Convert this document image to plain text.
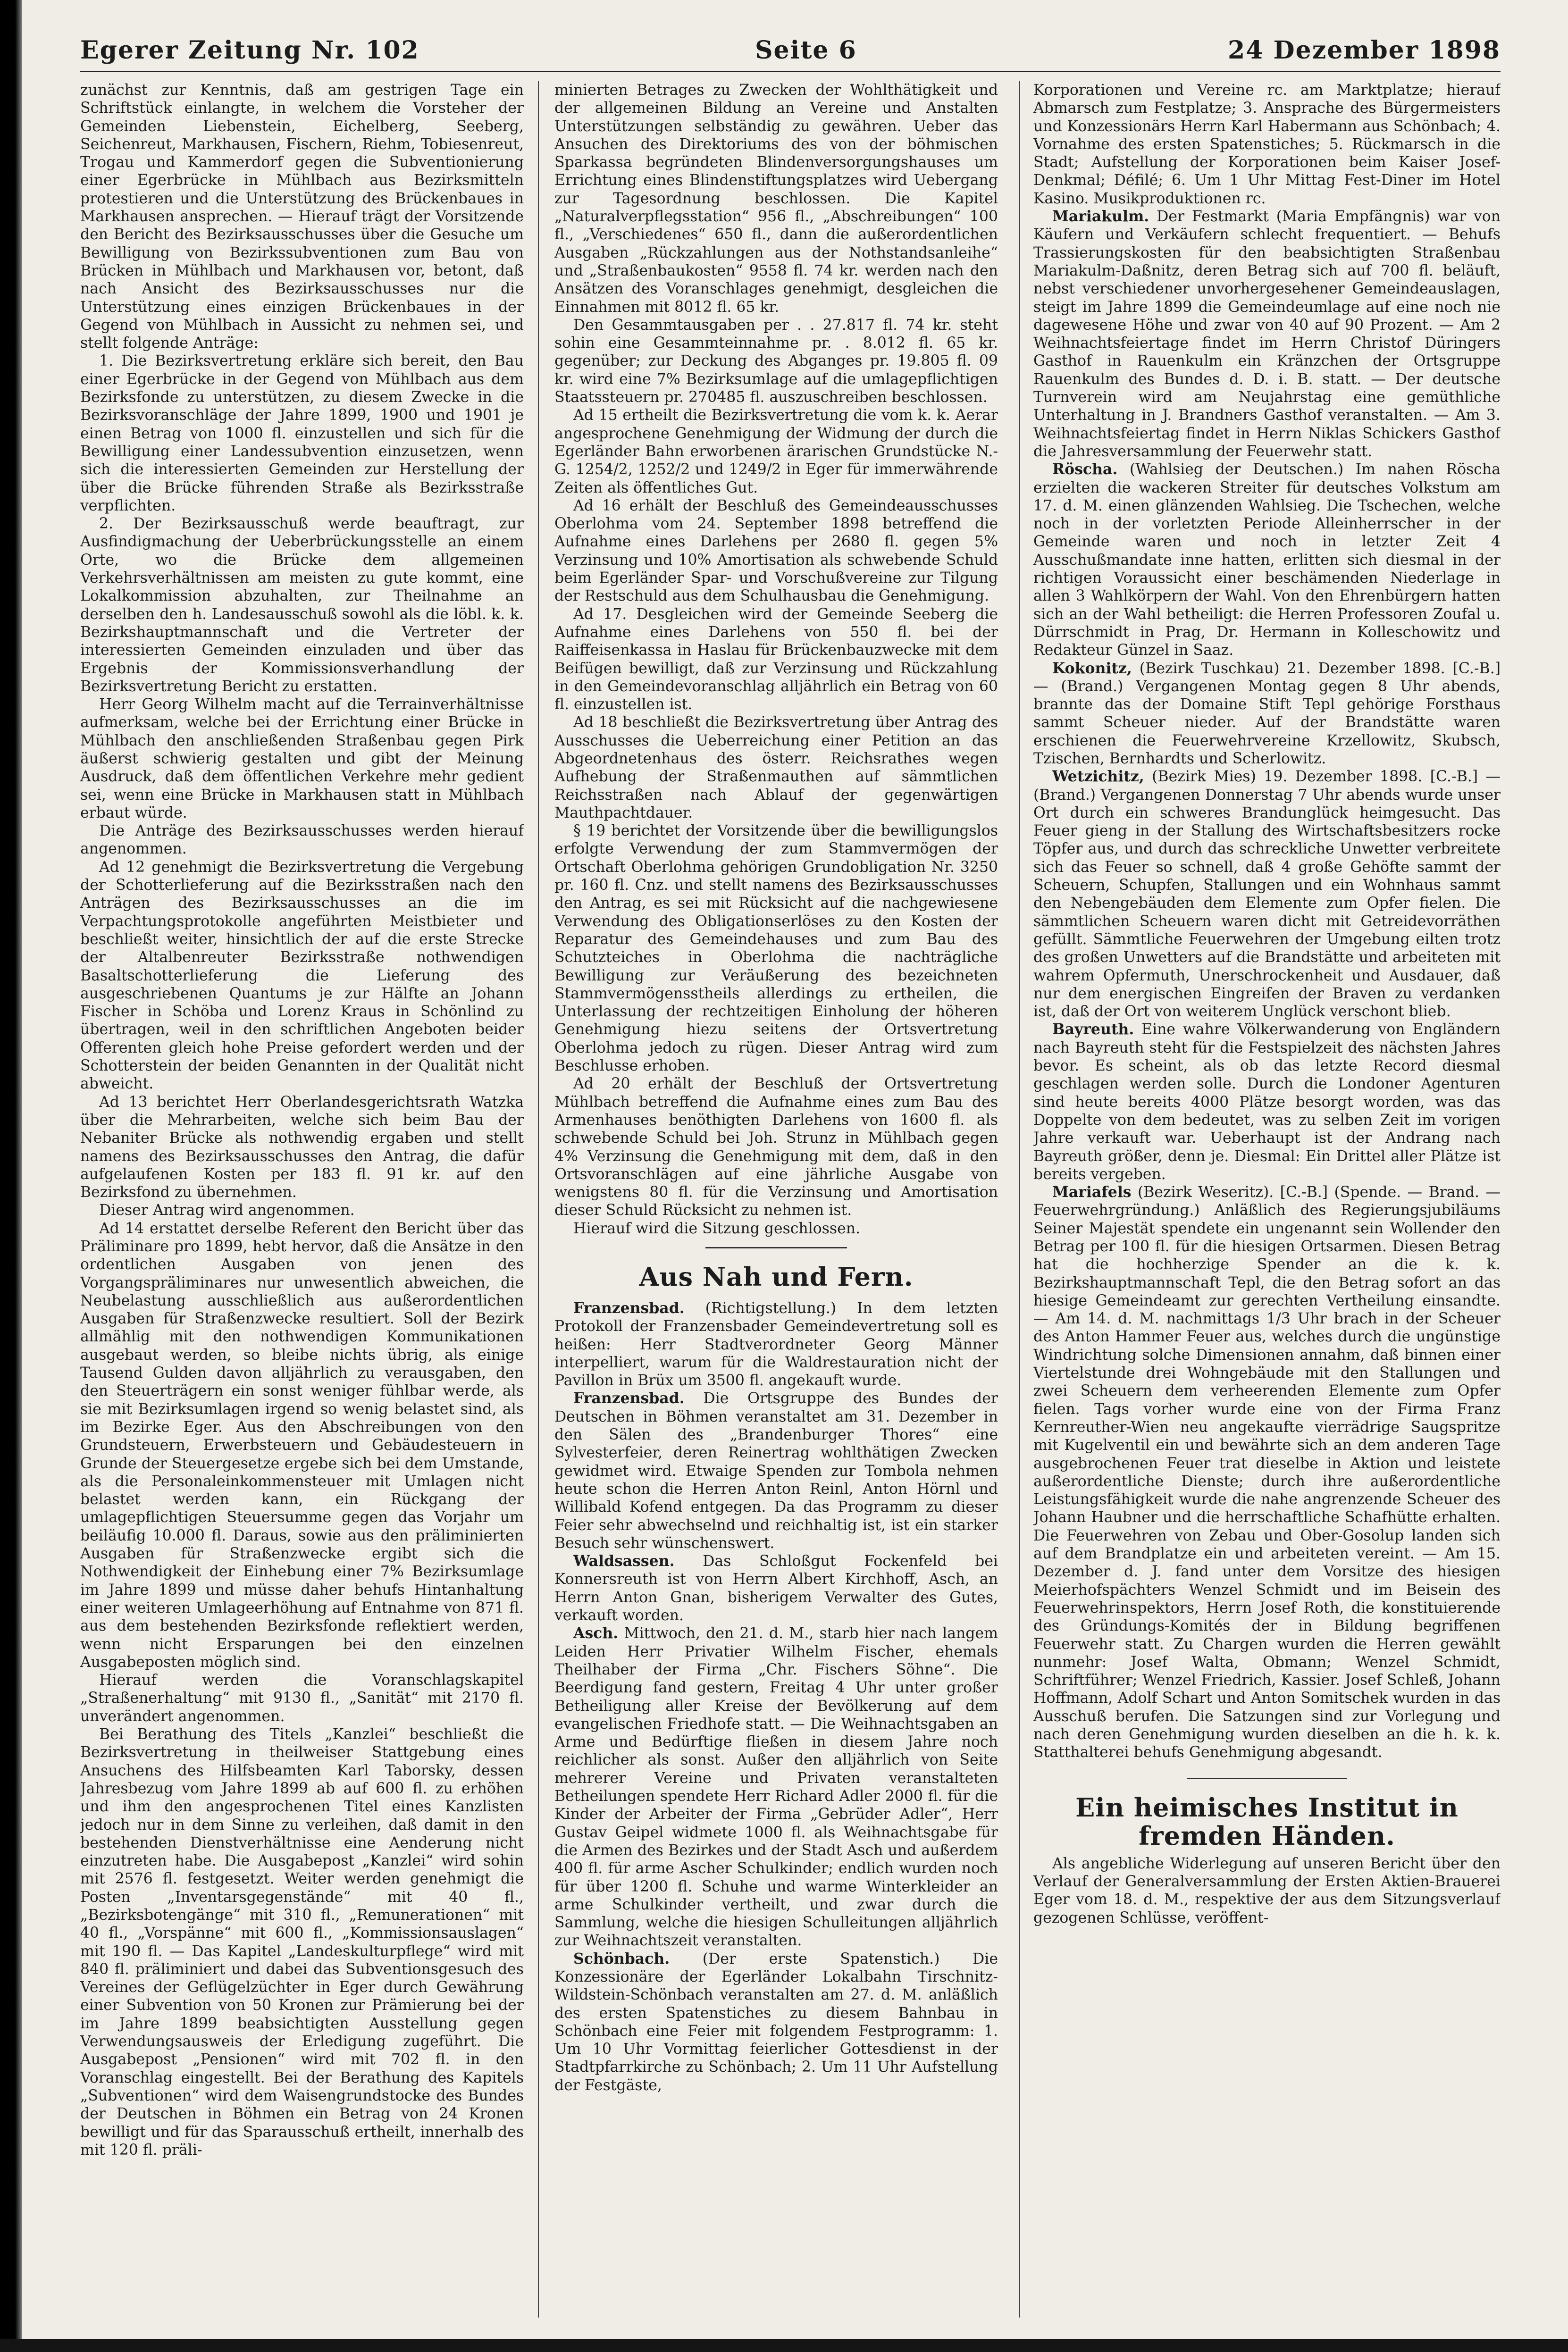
Egerer Zeitung Nr. 102	Seite 6	24 Dezember 1898

zunächst zur Kenntnis, daß am gestrigen Tage ein Schriftstück einlangte, in welchem die Vorsteher der Gemeinden Liebenstein, Eichelberg, Seeberg, Seichenreut, Markhausen, Fischern, Riehm, Tobiesenreut, Trogau und Kammerdorf gegen die Subventionierung einer Egerbrücke in Mühlbach aus Bezirksmitteln protestieren und die Unterstützung des Brückenbaues in Markhausen ansprechen. — Hierauf trägt der Vorsitzende den Bericht des Bezirksausschusses über die Gesuche um Bewilligung von Bezirkssubventionen zum Bau von Brücken in Mühlbach und Markhausen vor, betont, daß nach Ansicht des Bezirksausschusses nur die Unterstützung eines einzigen Brückenbaues in der Gegend von Mühlbach in Aussicht zu nehmen sei, und stellt folgende Anträge:

1. Die Bezirksvertretung erkläre sich bereit, den Bau einer Egerbrücke in der Gegend von Mühlbach aus dem Bezirksfonde zu unterstützen, zu diesem Zwecke in die Bezirksvoranschläge der Jahre 1899, 1900 und 1901 je einen Betrag von 1000 fl. einzustellen und sich für die Bewilligung einer Landessubvention einzusetzen, wenn sich die interessierten Gemeinden zur Herstellung der über die Brücke führenden Straße als Bezirksstraße verpflichten.

2. Der Bezirksausschuß werde beauftragt, zur Ausfindigmachung der Ueberbrückungsstelle an einem Orte, wo die Brücke dem allgemeinen Verkehrsverhältnissen am meisten zu gute kommt, eine Lokalkommission abzuhalten, zur Theilnahme an derselben den h. Landesausschuß sowohl als die löbl. k. k. Bezirkshauptmannschaft und die Vertreter der interessierten Gemeinden einzuladen und über das Ergebnis der Kommissionsverhandlung der Bezirksvertretung Bericht zu erstatten.

Herr Georg Wilhelm macht auf die Terrainverhältnisse aufmerksam, welche bei der Errichtung einer Brücke in Mühlbach den anschließenden Straßenbau gegen Pirk äußerst schwierig gestalten und gibt der Meinung Ausdruck, daß dem öffentlichen Verkehre mehr gedient sei, wenn eine Brücke in Markhausen statt in Mühlbach erbaut würde.

Die Anträge des Bezirksausschusses werden hierauf angenommen.

Ad 12 genehmigt die Bezirksvertretung die Vergebung der Schotterlieferung auf die Bezirksstraßen nach den Anträgen des Bezirksausschusses an die im Verpachtungsprotokolle angeführten Meistbieter und beschließt weiter, hinsichtlich der auf die erste Strecke der Altalbenreuter Bezirksstraße nothwendigen Basaltschotterlieferung die Lieferung des ausgeschriebenen Quantums je zur Hälfte an Johann Fischer in Schöba und Lorenz Kraus in Schönlind zu übertragen, weil in den schriftlichen Angeboten beider Offerenten gleich hohe Preise gefordert werden und der Schotterstein der beiden Genannten in der Qualität nicht abweicht.

Ad 13 berichtet Herr Oberlandesgerichtsrath Watzka über die Mehrarbeiten, welche sich beim Bau der Nebaniter Brücke als nothwendig ergaben und stellt namens des Bezirksausschusses den Antrag, die dafür aufgelaufenen Kosten per 183 fl. 91 kr. auf den Bezirksfond zu übernehmen.

Dieser Antrag wird angenommen.

Ad 14 erstattet derselbe Referent den Bericht über das Präliminare pro 1899, hebt hervor, daß die Ansätze in den ordentlichen Ausgaben von jenen des Vorgangspräliminares nur unwesentlich abweichen, die Neubelastung ausschließlich aus außerordentlichen Ausgaben für Straßenzwecke resultiert. Soll der Bezirk allmählig mit den nothwendigen Kommunikationen ausgebaut werden, so bleibe nichts übrig, als einige Tausend Gulden davon alljährlich zu verausgaben, den den Steuerträgern ein sonst weniger fühlbar werde, als sie mit Bezirksumlagen irgend so wenig belastet sind, als im Bezirke Eger. Aus den Abschreibungen von den Grundsteuern, Erwerbsteuern und Gebäudesteuern in Grunde der Steuergesetze ergebe sich bei dem Umstande, als die Personaleinkommensteuer mit Umlagen nicht belastet werden kann, ein Rückgang der umlagepflichtigen Steuersumme gegen das Vorjahr um beiläufig 10.000 fl. Daraus, sowie aus den präliminierten Ausgaben für Straßenzwecke ergibt sich die Nothwendigkeit der Einhebung einer 7% Bezirksumlage im Jahre 1899 und müsse daher behufs Hintanhaltung einer weiteren Umlageerhöhung auf Entnahme von 871 fl. aus dem bestehenden Bezirksfonde reflektiert werden, wenn nicht Ersparungen bei den einzelnen Ausgabeposten möglich sind.

Hierauf werden die Voranschlagskapitel „Straßenerhaltung“ mit 9130 fl., „Sanität“ mit 2170 fl. unverändert angenommen.

Bei Berathung des Titels „Kanzlei“ beschließt die Bezirksvertretung in theilweiser Stattgebung eines Ansuchens des Hilfsbeamten Karl Taborsky, dessen Jahresbezug vom Jahre 1899 ab auf 600 fl. zu erhöhen und ihm den angesprochenen Titel eines Kanzlisten jedoch nur in dem Sinne zu verleihen, daß damit in den bestehenden Dienstverhältnisse eine Aenderung nicht einzutreten habe. Die Ausgabepost „Kanzlei“ wird sohin mit 2576 fl. festgesetzt. Weiter werden genehmigt die Posten „Inventarsgegenstände“ mit 40 fl., „Bezirksbotengänge“ mit 310 fl., „Remunerationen“ mit 40 fl., „Vorspänne“ mit 600 fl., „Kommissionsauslagen“ mit 190 fl. — Das Kapitel „Landeskulturpflege“ wird mit 840 fl. präliminiert und dabei das Subventionsgesuch des Vereines der Geflügelzüchter in Eger durch Gewährung einer Subvention von 50 Kronen zur Prämierung bei der im Jahre 1899 beabsichtigten Ausstellung gegen Verwendungsausweis der Erledigung zugeführt. Die Ausgabepost „Pensionen“ wird mit 702 fl. in den Voranschlag eingestellt. Bei der Berathung des Kapitels „Subventionen“ wird dem Waisengrundstocke des Bundes der Deutschen in Böhmen ein Betrag von 24 Kronen bewilligt und für das Sparausschuß ertheilt, innerhalb des mit 120 fl. präli-

minierten Betrages zu Zwecken der Wohlthätigkeit und der allgemeinen Bildung an Vereine und Anstalten Unterstützungen selbständig zu gewähren. Ueber das Ansuchen des Direktoriums des von der böhmischen Sparkassa begründeten Blindenversorgungshauses um Errichtung eines Blindenstiftungsplatzes wird Uebergang zur Tagesordnung beschlossen. Die Kapitel „Naturalverpflegsstation“ 956 fl., „Abschreibungen“ 100 fl., „Verschiedenes“ 650 fl., dann die außerordentlichen Ausgaben „Rückzahlungen aus der Nothstandsanleihe“ und „Straßenbaukosten“ 9558 fl. 74 kr. werden nach den Ansätzen des Voranschlages genehmigt, desgleichen die Einnahmen mit 8012 fl. 65 kr.

Den Gesammtausgaben per . . 27.817 fl. 74 kr. steht sohin eine Gesammteinnahme pr. . 8.012 fl. 65 kr. gegenüber; zur Deckung des Abganges pr. 19.805 fl. 09 kr. wird eine 7% Bezirksumlage auf die umlagepflichtigen Staatssteuern pr. 270485 fl. auszuschreiben beschlossen.

Ad 15 ertheilt die Bezirksvertretung die vom k. k. Aerar angesprochene Genehmigung der Widmung der durch die Egerländer Bahn erworbenen ärarischen Grundstücke N.-G. 1254/2, 1252/2 und 1249/2 in Eger für immerwährende Zeiten als öffentliches Gut.

Ad 16 erhält der Beschluß des Gemeindeausschusses Oberlohma vom 24. September 1898 betreffend die Aufnahme eines Darlehens per 2680 fl. gegen 5% Verzinsung und 10% Amortisation als schwebende Schuld beim Egerländer Spar- und Vorschußvereine zur Tilgung der Restschuld aus dem Schulhausbau die Genehmigung.

Ad 17. Desgleichen wird der Gemeinde Seeberg die Aufnahme eines Darlehens von 550 fl. bei der Raiffeisenkassa in Haslau für Brückenbauzwecke mit dem Beifügen bewilligt, daß zur Verzinsung und Rückzahlung in den Gemeindevoranschlag alljährlich ein Betrag von 60 fl. einzustellen ist.

Ad 18 beschließt die Bezirksvertretung über Antrag des Ausschusses die Ueberreichung einer Petition an das Abgeordnetenhaus des österr. Reichsrathes wegen Aufhebung der Straßenmauthen auf sämmtlichen Reichsstraßen nach Ablauf der gegenwärtigen Mauthpachtdauer.

§ 19 berichtet der Vorsitzende über die bewilligungslos erfolgte Verwendung der zum Stammvermögen der Ortschaft Oberlohma gehörigen Grundobligation Nr. 3250 pr. 160 fl. Cnz. und stellt namens des Bezirksausschusses den Antrag, es sei mit Rücksicht auf die nachgewiesene Verwendung des Obligationserlöses zu den Kosten der Reparatur des Gemeindehauses und zum Bau des Schutzteiches in Oberlohma die nachträgliche Bewilligung zur Veräußerung des bezeichneten Stammvermögensstheils allerdings zu ertheilen, die Unterlassung der rechtzeitigen Einholung der höheren Genehmigung hiezu seitens der Ortsvertretung Oberlohma jedoch zu rügen. Dieser Antrag wird zum Beschlusse erhoben.

Ad 20 erhält der Beschluß der Ortsvertretung Mühlbach betreffend die Aufnahme eines zum Bau des Armenhauses benöthigten Darlehens von 1600 fl. als schwebende Schuld bei Joh. Strunz in Mühlbach gegen 4% Verzinsung die Genehmigung mit dem, daß in den Ortsvoranschlägen auf eine jährliche Ausgabe von wenigstens 80 fl. für die Verzinsung und Amortisation dieser Schuld Rücksicht zu nehmen ist.

Hierauf wird die Sitzung geschlossen.

Aus Nah und Fern.

Franzensbad. (Richtigstellung.) In dem letzten Protokoll der Franzensbader Gemeindevertretung soll es heißen: Herr Stadtverordneter Georg Männer interpelliert, warum für die Waldrestauration nicht der Pavillon in Brüx um 3500 fl. angekauft wurde.

Franzensbad. Die Ortsgruppe des Bundes der Deutschen in Böhmen veranstaltet am 31. Dezember in den Sälen des „Brandenburger Thores“ eine Sylvesterfeier, deren Reinertrag wohlthätigen Zwecken gewidmet wird. Etwaige Spenden zur Tombola nehmen heute schon die Herren Anton Reinl, Anton Hörnl und Willibald Kofend entgegen. Da das Programm zu dieser Feier sehr abwechselnd und reichhaltig ist, ist ein starker Besuch sehr wünschenswert.

Waldsassen. Das Schloßgut Fockenfeld bei Konnersreuth ist von Herrn Albert Kirchhoff, Asch, an Herrn Anton Gnan, bisherigem Verwalter des Gutes, verkauft worden.

Asch. Mittwoch, den 21. d. M., starb hier nach langem Leiden Herr Privatier Wilhelm Fischer, ehemals Theilhaber der Firma „Chr. Fischers Söhne“. Die Beerdigung fand gestern, Freitag 4 Uhr unter großer Betheiligung aller Kreise der Bevölkerung auf dem evangelischen Friedhofe statt. — Die Weihnachtsgaben an Arme und Bedürftige fließen in diesem Jahre noch reichlicher als sonst. Außer den alljährlich von Seite mehrerer Vereine und Privaten veranstalteten Betheilungen spendete Herr Richard Adler 2000 fl. für die Kinder der Arbeiter der Firma „Gebrüder Adler“, Herr Gustav Geipel widmete 1000 fl. als Weihnachtsgabe für die Armen des Bezirkes und der Stadt Asch und außerdem 400 fl. für arme Ascher Schulkinder; endlich wurden noch für über 1200 fl. Schuhe und warme Winterkleider an arme Schulkinder vertheilt, und zwar durch die Sammlung, welche die hiesigen Schulleitungen alljährlich zur Weihnachtszeit veranstalten.

Schönbach. (Der erste Spatenstich.) Die Konzessionäre der Egerländer Lokalbahn Tirschnitz-Wildstein-Schönbach veranstalten am 27. d. M. anläßlich des ersten Spatenstiches zu diesem Bahnbau in Schönbach eine Feier mit folgendem Festprogramm: 1. Um 10 Uhr Vormittag feierlicher Gottesdienst in der Stadtpfarrkirche zu Schönbach; 2. Um 11 Uhr Aufstellung der Festgäste,

Korporationen und Vereine rc. am Marktplatze; hierauf Abmarsch zum Festplatze; 3. Ansprache des Bürgermeisters und Konzessionärs Herrn Karl Habermann aus Schönbach; 4. Vornahme des ersten Spatenstiches; 5. Rückmarsch in die Stadt; Aufstellung der Korporationen beim Kaiser Josef-Denkmal; Défilé; 6. Um 1 Uhr Mittag Fest-Diner im Hotel Kasino. Musikproduktionen rc.

Mariakulm. Der Festmarkt (Maria Empfängnis) war von Käufern und Verkäufern schlecht frequentiert. — Behufs Trassierungskosten für den beabsichtigten Straßenbau Mariakulm-Daßnitz, deren Betrag sich auf 700 fl. beläuft, nebst verschiedener unvorhergesehener Gemeindeauslagen, steigt im Jahre 1899 die Gemeindeumlage auf eine noch nie dagewesene Höhe und zwar von 40 auf 90 Prozent. — Am 2 Weihnachtsfeiertage findet im Herrn Christof Düringers Gasthof in Rauenkulm ein Kränzchen der Ortsgruppe Rauenkulm des Bundes d. D. i. B. statt. — Der deutsche Turnverein wird am Neujahrstag eine gemüthliche Unterhaltung in J. Brandners Gasthof veranstalten. — Am 3. Weihnachtsfeiertag findet in Herrn Niklas Schickers Gasthof die Jahresversammlung der Feuerwehr statt.

Röscha. (Wahlsieg der Deutschen.) Im nahen Röscha erzielten die wackeren Streiter für deutsches Volkstum am 17. d. M. einen glänzenden Wahlsieg. Die Tschechen, welche noch in der vorletzten Periode Alleinherrscher in der Gemeinde waren und noch in letzter Zeit 4 Ausschußmandate inne hatten, erlitten sich diesmal in der richtigen Voraussicht einer beschämenden Niederlage in allen 3 Wahlkörpern der Wahl. Von den Ehrenbürgern hatten sich an der Wahl betheiligt: die Herren Professoren Zoufal u. Dürrschmidt in Prag, Dr. Hermann in Kolleschowitz und Redakteur Günzel in Saaz.

Kokonitz, (Bezirk Tuschkau) 21. Dezember 1898. [C.-B.] — (Brand.) Vergangenen Montag gegen 8 Uhr abends, brannte das der Domaine Stift Tepl gehörige Forsthaus sammt Scheuer nieder. Auf der Brandstätte waren erschienen die Feuerwehrvereine Krzellowitz, Skubsch, Tzischen, Bernhardts und Scherlowitz.

Wetzichitz, (Bezirk Mies) 19. Dezember 1898. [C.-B.] — (Brand.) Vergangenen Donnerstag 7 Uhr abends wurde unser Ort durch ein schweres Brandunglück heimgesucht. Das Feuer gieng in der Stallung des Wirtschaftsbesitzers rocke Töpfer aus, und durch das schreckliche Unwetter verbreitete sich das Feuer so schnell, daß 4 große Gehöfte sammt der Scheuern, Schupfen, Stallungen und ein Wohnhaus sammt den Nebengebäuden dem Elemente zum Opfer fielen. Die sämmtlichen Scheuern waren dicht mit Getreidevorräthen gefüllt. Sämmtliche Feuerwehren der Umgebung eilten trotz des großen Unwetters auf die Brandstätte und arbeiteten mit wahrem Opfermuth, Unerschrockenheit und Ausdauer, daß nur dem energischen Eingreifen der Braven zu verdanken ist, daß der Ort von weiterem Unglück verschont blieb.

Bayreuth. Eine wahre Völkerwanderung von Engländern nach Bayreuth steht für die Festspielzeit des nächsten Jahres bevor. Es scheint, als ob das letzte Record diesmal geschlagen werden solle. Durch die Londoner Agenturen sind heute bereits 4000 Plätze besorgt worden, was das Doppelte von dem bedeutet, was zu selben Zeit im vorigen Jahre verkauft war. Ueberhaupt ist der Andrang nach Bayreuth größer, denn je. Diesmal: Ein Drittel aller Plätze ist bereits vergeben.

Mariafels (Bezirk Weseritz). [C.-B.] (Spende. — Brand. — Feuerwehrgründung.) Anläßlich des Regierungsjubiläums Seiner Majestät spendete ein ungenannt sein Wollender den Betrag per 100 fl. für die hiesigen Ortsarmen. Diesen Betrag hat die hochherzige Spender an die k. k. Bezirkshauptmannschaft Tepl, die den Betrag sofort an das hiesige Gemeindeamt zur gerechten Vertheilung einsandte. — Am 14. d. M. nachmittags 1/3 Uhr brach in der Scheuer des Anton Hammer Feuer aus, welches durch die ungünstige Windrichtung solche Dimensionen annahm, daß binnen einer Viertelstunde drei Wohngebäude mit den Stallungen und zwei Scheuern dem verheerenden Elemente zum Opfer fielen. Tags vorher wurde eine von der Firma Franz Kernreuther-Wien neu angekaufte vierrädrige Saugspritze mit Kugelventil ein und bewährte sich an dem anderen Tage ausgebrochenen Feuer trat dieselbe in Aktion und leistete außerordentliche Dienste; durch ihre außerordentliche Leistungsfähigkeit wurde die nahe angrenzende Scheuer des Johann Haubner und die herrschaftliche Schafhütte erhalten. Die Feuerwehren von Zebau und Ober-Gosolup landen sich auf dem Brandplatze ein und arbeiteten vereint. — Am 15. Dezember d. J. fand unter dem Vorsitze des hiesigen Meierhofspächters Wenzel Schmidt und im Beisein des Feuerwehrinspektors, Herrn Josef Roth, die konstituierende des Gründungs-Komités der in Bildung begriffenen Feuerwehr statt. Zu Chargen wurden die Herren gewählt nunmehr: Josef Walta, Obmann; Wenzel Schmidt, Schriftführer; Wenzel Friedrich, Kassier. Josef Schleß, Johann Hoffmann, Adolf Schart und Anton Somitschek wurden in das Ausschuß berufen. Die Satzungen sind zur Vorlegung und nach deren Genehmigung wurden dieselben an die h. k. k. Statthalterei behufs Genehmigung abgesandt.

Ein heimisches Institut in fremden Händen.

Als angebliche Widerlegung auf unseren Bericht über den Verlauf der Generalversammlung der Ersten Aktien-Brauerei Eger vom 18. d. M., respektive der aus dem Sitzungsverlauf gezogenen Schlüsse, veröffent-
